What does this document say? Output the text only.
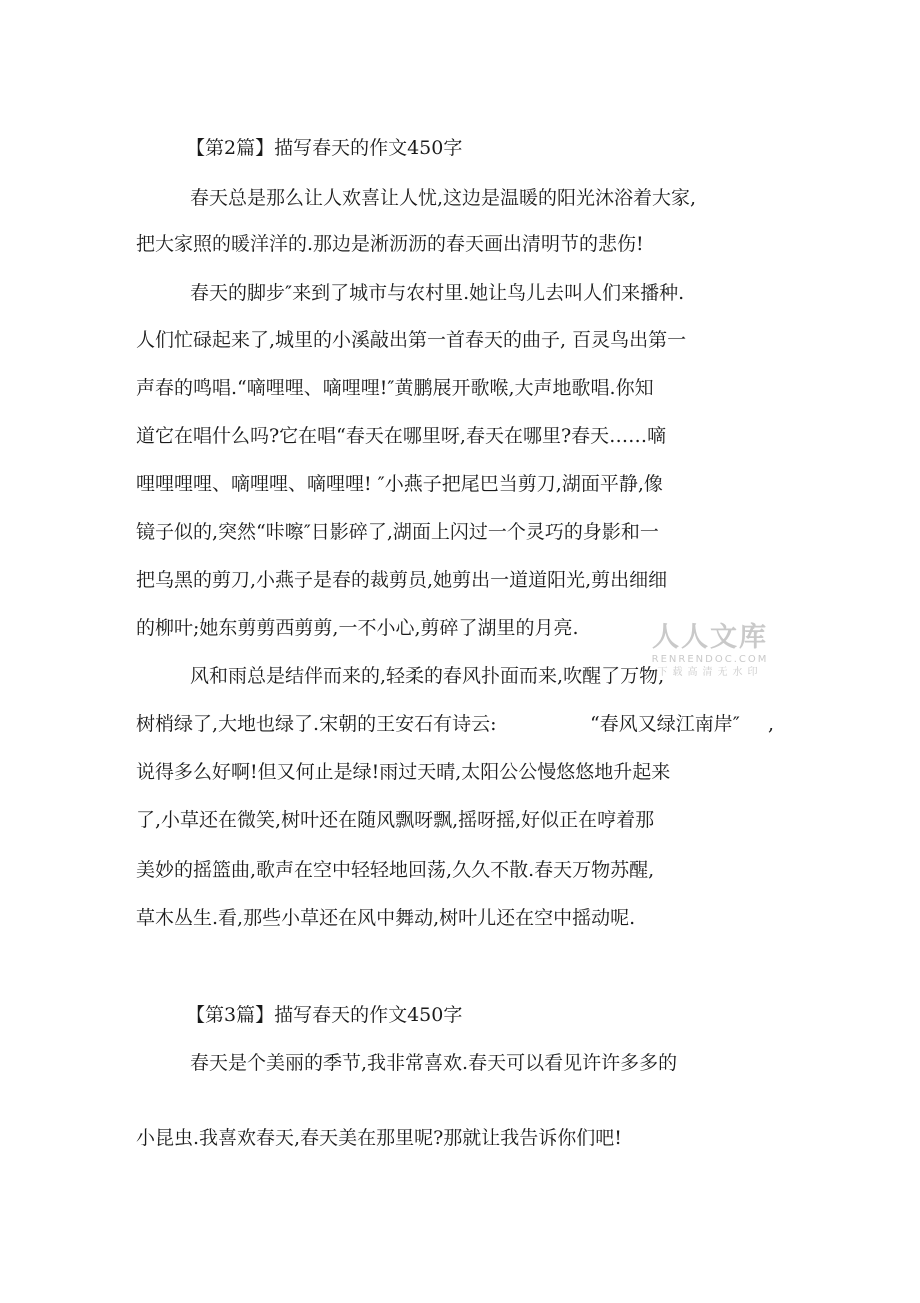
【第2篇】描写春天的作文450字
春天总是那么让人欢喜让人忧,这边是温暖的阳光沐浴着大家,
把大家照的暖洋洋的.那边是淅沥沥的春天画出清明节的悲伤!
春天的脚步″来到了城市与农村里.她让鸟儿去叫人们来播种.
人们忙碌起来了,城里的小溪敲出第一首春天的曲子, 百灵鸟出第一
声春的鸣唱.“嘀哩哩、嘀哩哩!″黄鹏展开歌喉,大声地歌唱.你知
道它在唱什么吗?它在唱“春天在哪里呀,春天在哪里?春天……嘀
哩哩哩哩、嘀哩哩、嘀哩哩! ″小燕子把尾巴当剪刀,湖面平静,像
镜子似的,突然“咔嚓″日影碎了,湖面上闪过一个灵巧的身影和一
把乌黑的剪刀,小燕子是春的裁剪员,她剪出一道道阳光,剪出细细
的柳叶;她东剪剪西剪剪,一不小心,剪碎了湖里的月亮.
风和雨总是结伴而来的,轻柔的春风扑面而来,吹醒了万物,
树梢绿了,大地也绿了.宋朝的王安石有诗云:	“春风又绿江南岸″ ,
说得多么好啊!但又何止是绿!雨过天晴,太阳公公慢悠悠地升起来
了,小草还在微笑,树叶还在随风飘呀飘,摇呀摇,好似正在哼着那
美妙的摇篮曲,歌声在空中轻轻地回荡,久久不散.春天万物苏醒,
草木丛生.看,那些小草还在风中舞动,树叶儿还在空中摇动呢.
【第3篇】描写春天的作文450字
春天是个美丽的季节,我非常喜欢.春天可以看见许许多多的
小昆虫.我喜欢春天,春天美在那里呢?那就让我告诉你们吧!
人人文库
RENRENDOC.COM
下载高清无水印
